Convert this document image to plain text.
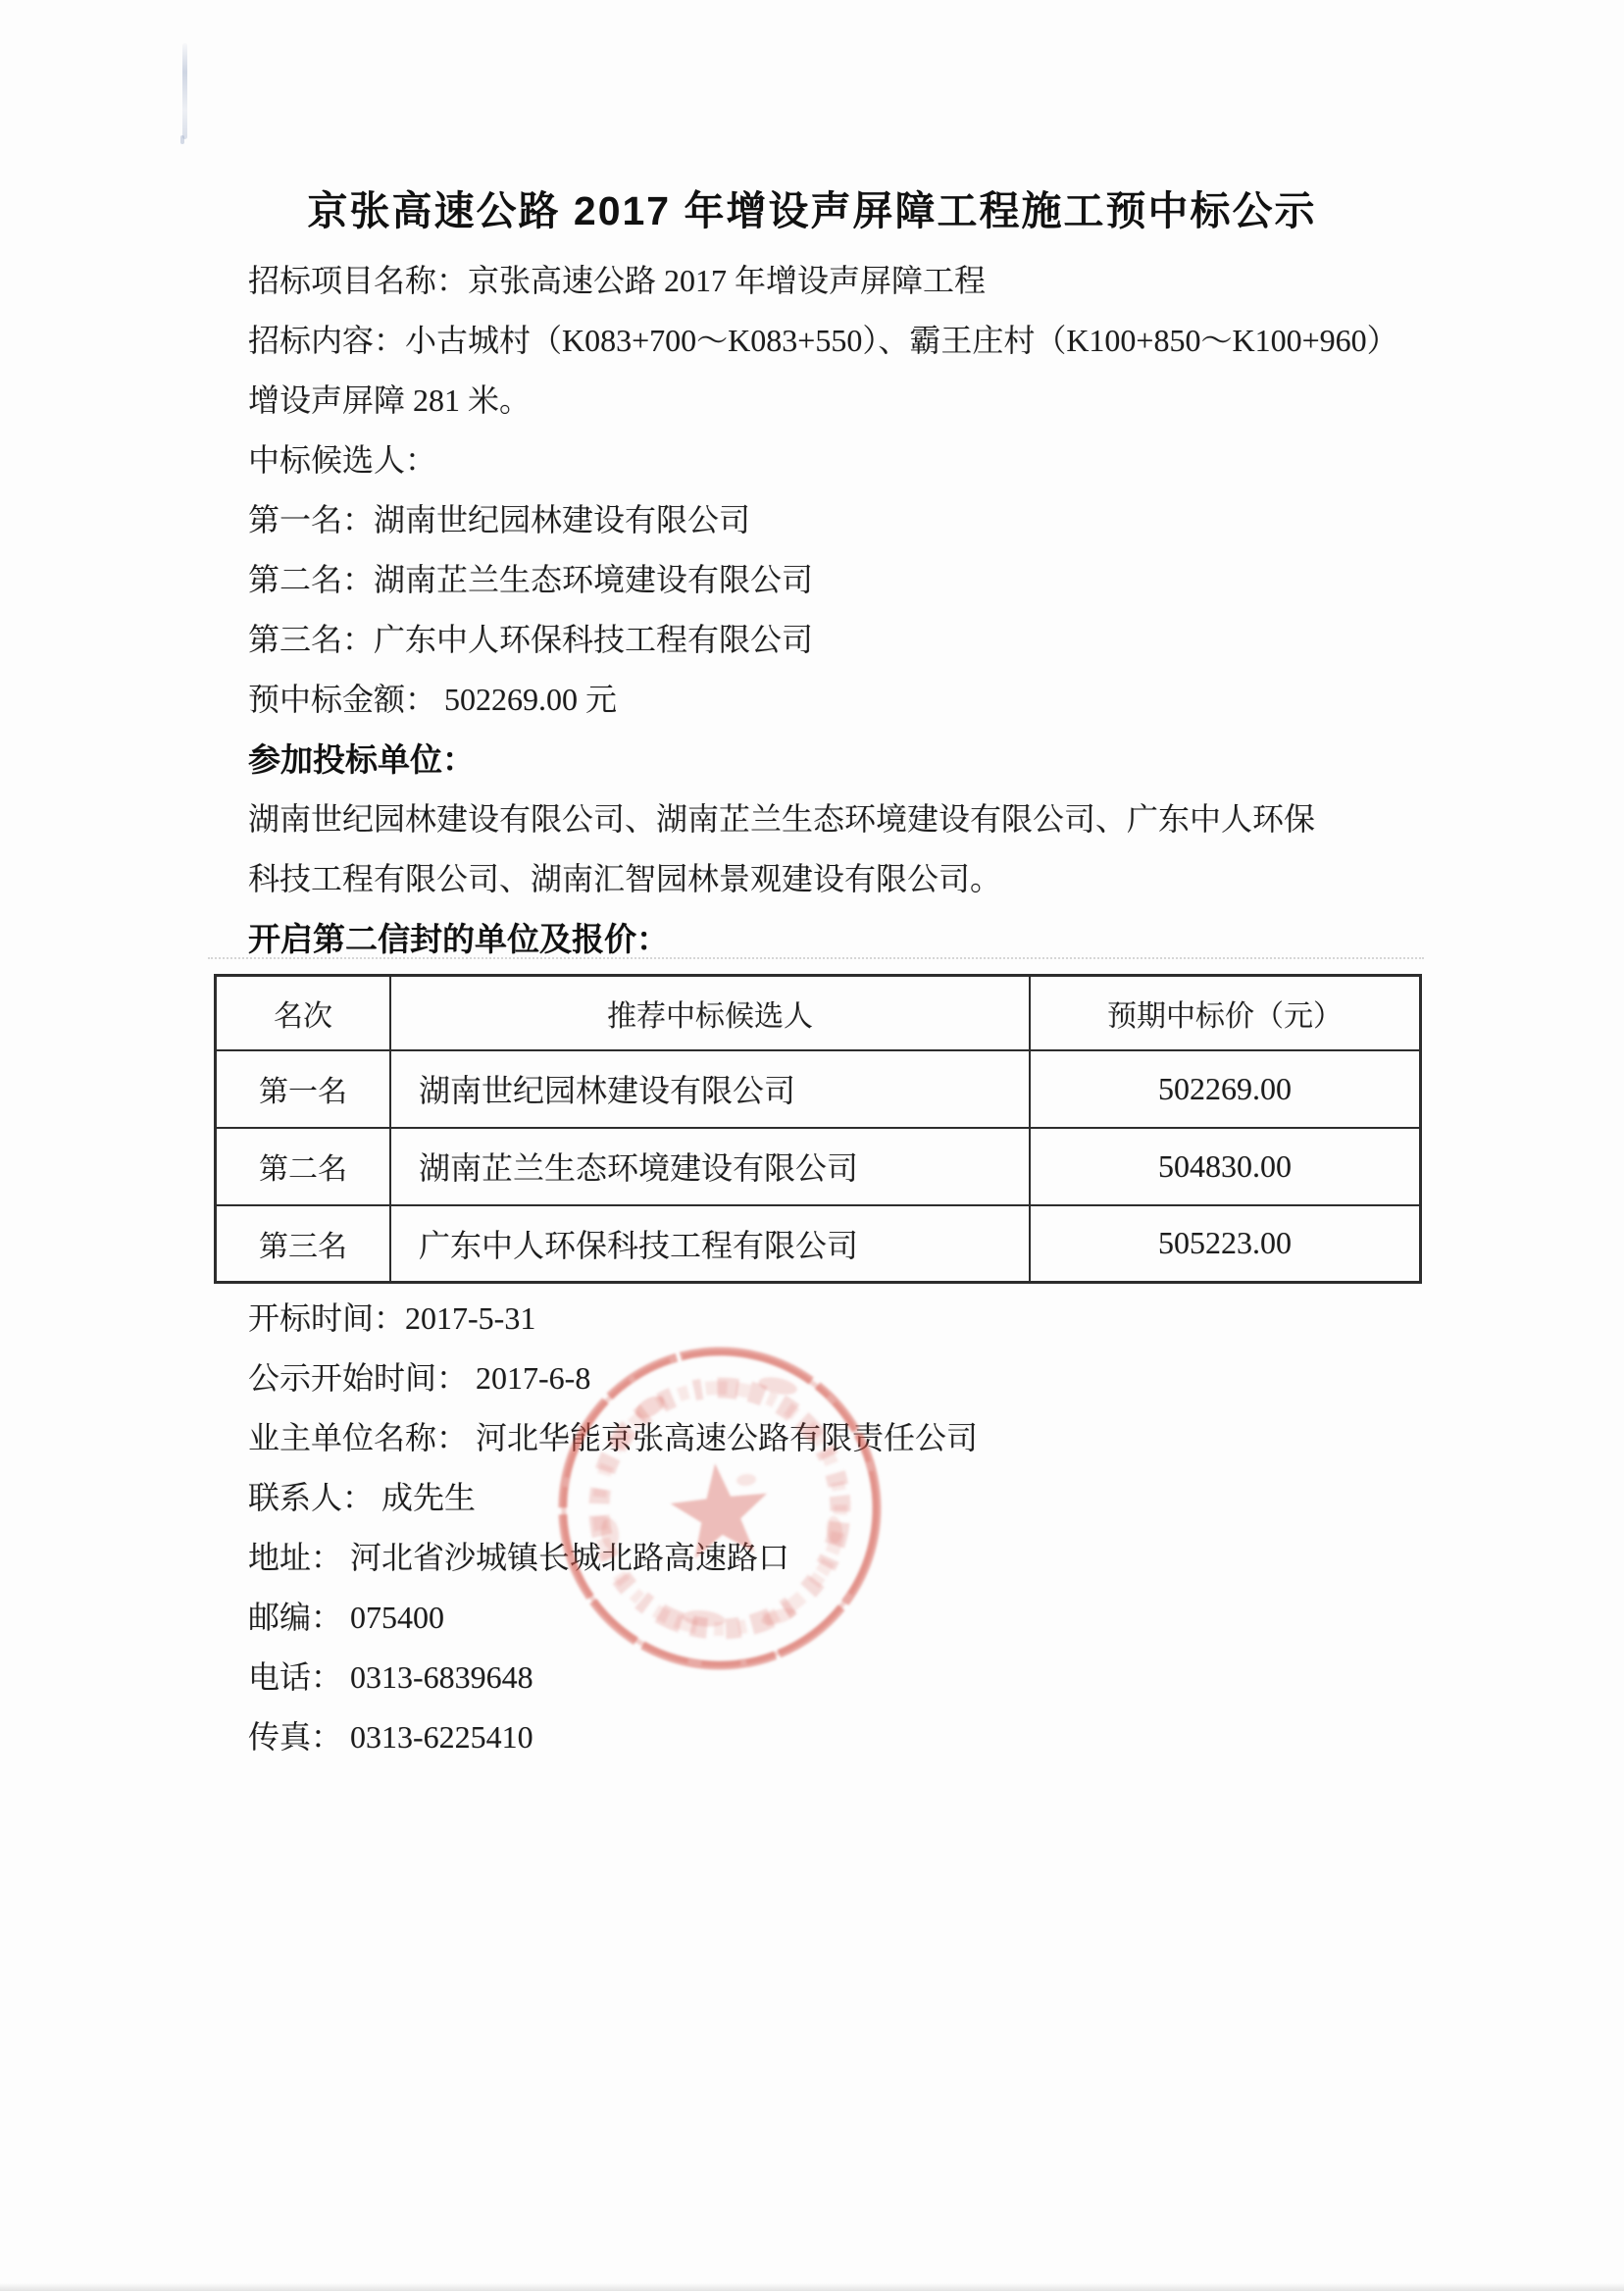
京张高速公路 2017 年增设声屏障工程施工预中标公示

招标项目名称：京张高速公路 2017 年增设声屏障工程

招标内容：小古城村（K083+700～K083+550）、霸王庄村（K100+850～K100+960）

增设声屏障 281 米。

中标候选人：

第一名：湖南世纪园林建设有限公司

第二名：湖南芷兰生态环境建设有限公司

第三名：广东中人环保科技工程有限公司

预中标金额： 502269.00 元

参加投标单位：

湖南世纪园林建设有限公司、湖南芷兰生态环境建设有限公司、广东中人环保

科技工程有限公司、湖南汇智园林景观建设有限公司。

开启第二信封的单位及报价：

名次	推荐中标候选人	预期中标价（元）
第一名	湖南世纪园林建设有限公司	502269.00
第二名	湖南芷兰生态环境建设有限公司	504830.00
第三名	广东中人环保科技工程有限公司	505223.00

开标时间：2017-5-31

公示开始时间： 2017-6-8

业主单位名称： 河北华能京张高速公路有限责任公司

联系人： 成先生

地址： 河北省沙城镇长城北路高速路口

邮编： 075400

电话： 0313-6839648

传真： 0313-6225410
